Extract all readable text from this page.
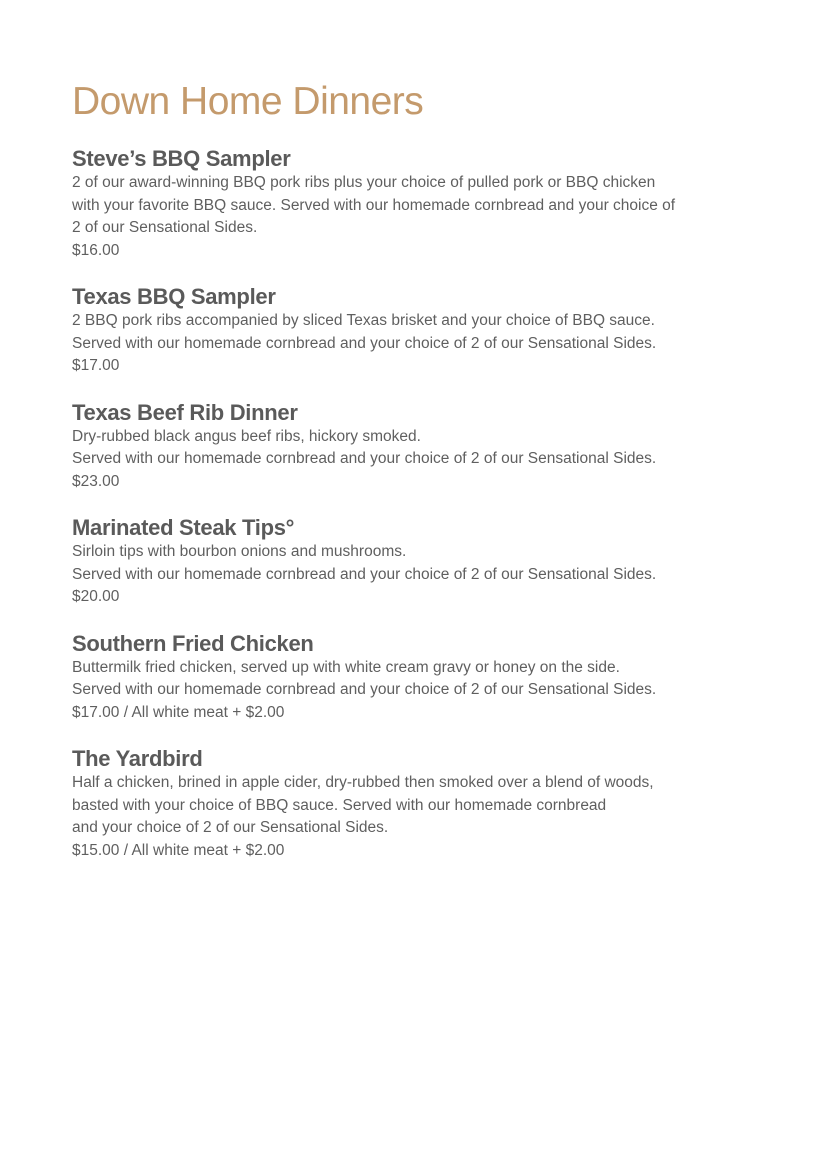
Down Home Dinners
Steve’s BBQ Sampler

2 of our award-winning BBQ pork ribs plus your choice of pulled pork or BBQ chicken

with your favorite BBQ sauce. Served with our homemade cornbread and your choice of

2 of our Sensational Sides.

$16.00

Texas BBQ Sampler

2 BBQ pork ribs accompanied by sliced Texas brisket and your choice of BBQ sauce.

Served with our homemade cornbread and your choice of 2 of our Sensational Sides.

$17.00

Texas Beef Rib Dinner

Dry-rubbed black angus beef ribs, hickory smoked.

Served with our homemade cornbread and your choice of 2 of our Sensational Sides.

$23.00

Marinated Steak Tips°

Sirloin tips with bourbon onions and mushrooms.

Served with our homemade cornbread and your choice of 2 of our Sensational Sides.

$20.00

Southern Fried Chicken

Buttermilk fried chicken, served up with white cream gravy or honey on the side.

Served with our homemade cornbread and your choice of 2 of our Sensational Sides.

$17.00 / All white meat + $2.00

The Yardbird

Half a chicken, brined in apple cider, dry-rubbed then smoked over a blend of woods,

basted with your choice of BBQ sauce. Served with our homemade cornbread

and your choice of 2 of our Sensational Sides.

$15.00 / All white meat + $2.00
